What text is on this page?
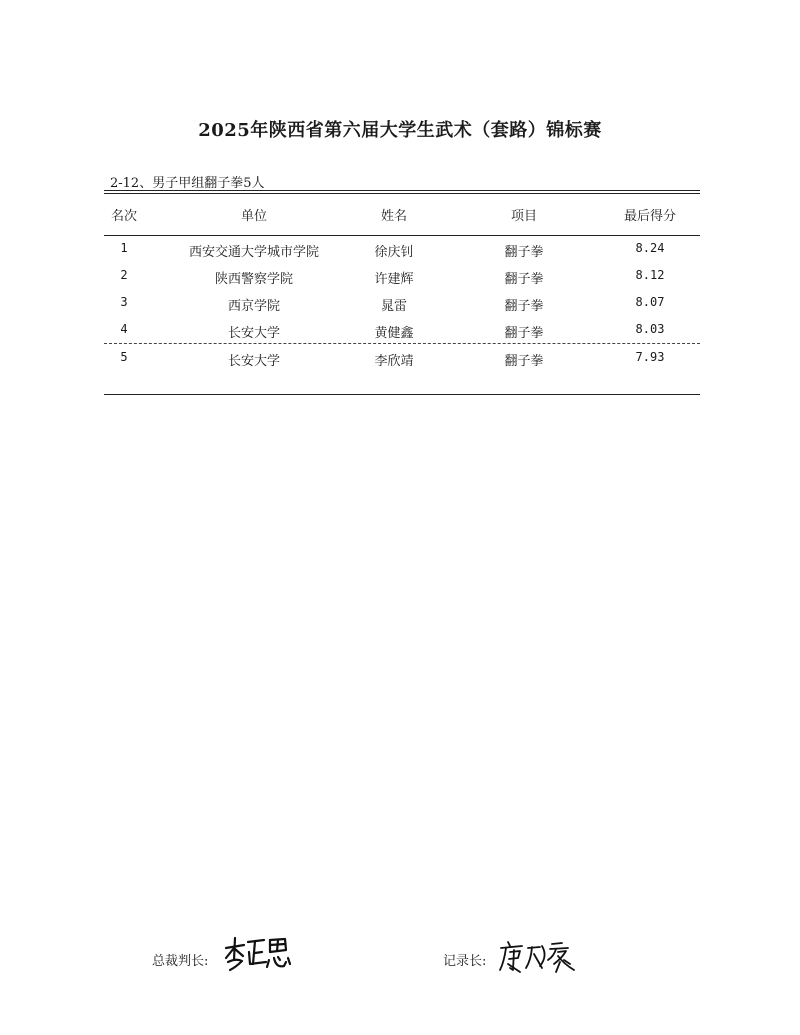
2025年陕西省第六届大学生武术（套路）锦标赛
2-12、男子甲组翻子拳5人
名次	单位	姓名	项目	最后得分
1	西安交通大学城市学院	徐庆钊	翻子拳	8.24
2	陕西警察学院	许建辉	翻子拳	8.12
3	西京学院	晁雷	翻子拳	8.07
4	长安大学	黄健鑫	翻子拳	8.03
5	长安大学	李欣靖	翻子拳	7.93
总裁判长:	记录长:
